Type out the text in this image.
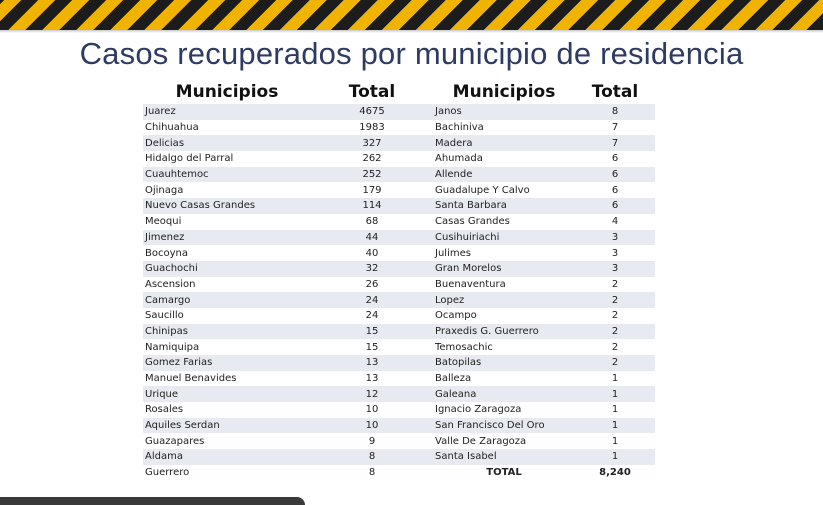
Casos recuperados por municipio de residencia
Municipios	Total	Municipios	Total
Juarez	4675	Janos	8
Chihuahua	1983	Bachiniva	7
Delicias	327	Madera	7
Hidalgo del Parral	262	Ahumada	6
Cuauhtemoc	252	Allende	6
Ojinaga	179	Guadalupe Y Calvo	6
Nuevo Casas Grandes	114	Santa Barbara	6
Meoqui	68	Casas Grandes	4
Jimenez	44	Cusihuiriachi	3
Bocoyna	40	Julimes	3
Guachochi	32	Gran Morelos	3
Ascension	26	Buenaventura	2
Camargo	24	Lopez	2
Saucillo	24	Ocampo	2
Chinipas	15	Praxedis G. Guerrero	2
Namiquipa	15	Temosachic	2
Gomez Farias	13	Batopilas	2
Manuel Benavides	13	Balleza	1
Urique	12	Galeana	1
Rosales	10	Ignacio Zaragoza	1
Aquiles Serdan	10	San Francisco Del Oro	1
Guazapares	9	Valle De Zaragoza	1
Aldama	8	Santa Isabel	1
Guerrero	8	TOTAL	8,240
